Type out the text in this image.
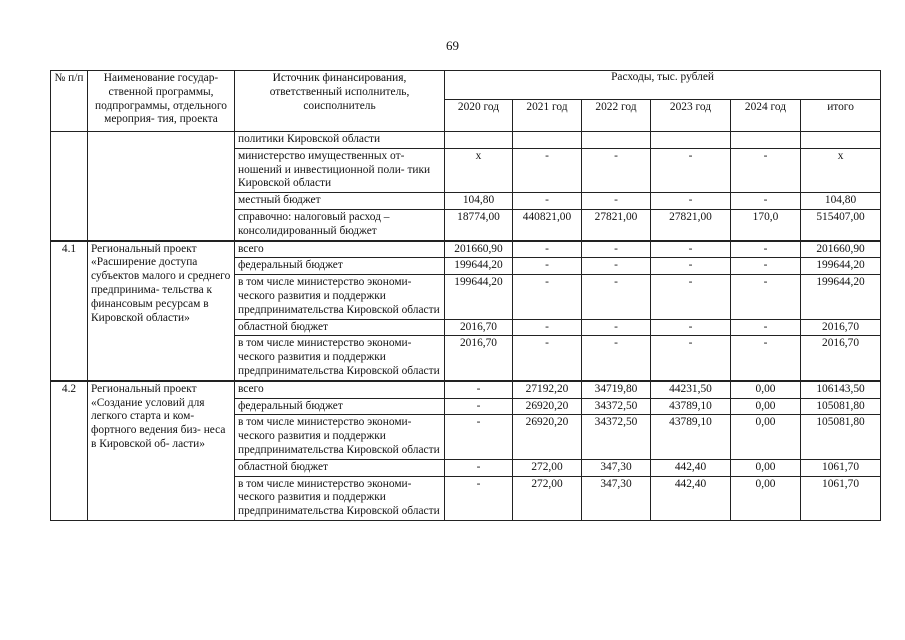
69
№ п/п	Наименование государ- ственной программы, подпрограммы, отдельного мероприя- тия, проекта	Источник финансирования, ответственный исполнитель, соисполнитель	Расходы, тыс. рублей					
			2020 год	2021 год	2022 год	2023 год	2024 год	итого
		политики Кировской области						
		министерство имущественных от- ношений и инвестиционной поли- тики Кировской области	x	-	-	-	-	x
		местный бюджет	104,80	-	-	-	-	104,80
		справочно: налоговый расход – консолидированный бюджет	18774,00	440821,00	27821,00	27821,00	170,0	515407,00
4.1	Региональный проект «Расширение доступа субъектов малого и среднего предпринима- тельства к финансовым ресурсам в Кировской области»	всего	201660,90	-	-	-	-	201660,90
		федеральный бюджет	199644,20	-	-	-	-	199644,20
		в том числе министерство экономи- ческого развития и поддержки предпринимательства Кировской области	199644,20	-	-	-	-	199644,20
		областной бюджет	2016,70	-	-	-	-	2016,70
		в том числе министерство экономи- ческого развития и поддержки предпринимательства Кировской области	2016,70	-	-	-	-	2016,70
4.2	Региональный проект «Создание условий для легкого старта и ком- фортного ведения биз- неса в Кировской об- ласти»	всего	-	27192,20	34719,80	44231,50	0,00	106143,50
		федеральный бюджет	-	26920,20	34372,50	43789,10	0,00	105081,80
		в том числе министерство экономи- ческого развития и поддержки предпринимательства Кировской области	-	26920,20	34372,50	43789,10	0,00	105081,80
		областной бюджет	-	272,00	347,30	442,40	0,00	1061,70
		в том числе министерство экономи- ческого развития и поддержки предпринимательства Кировской области	-	272,00	347,30	442,40	0,00	1061,70
